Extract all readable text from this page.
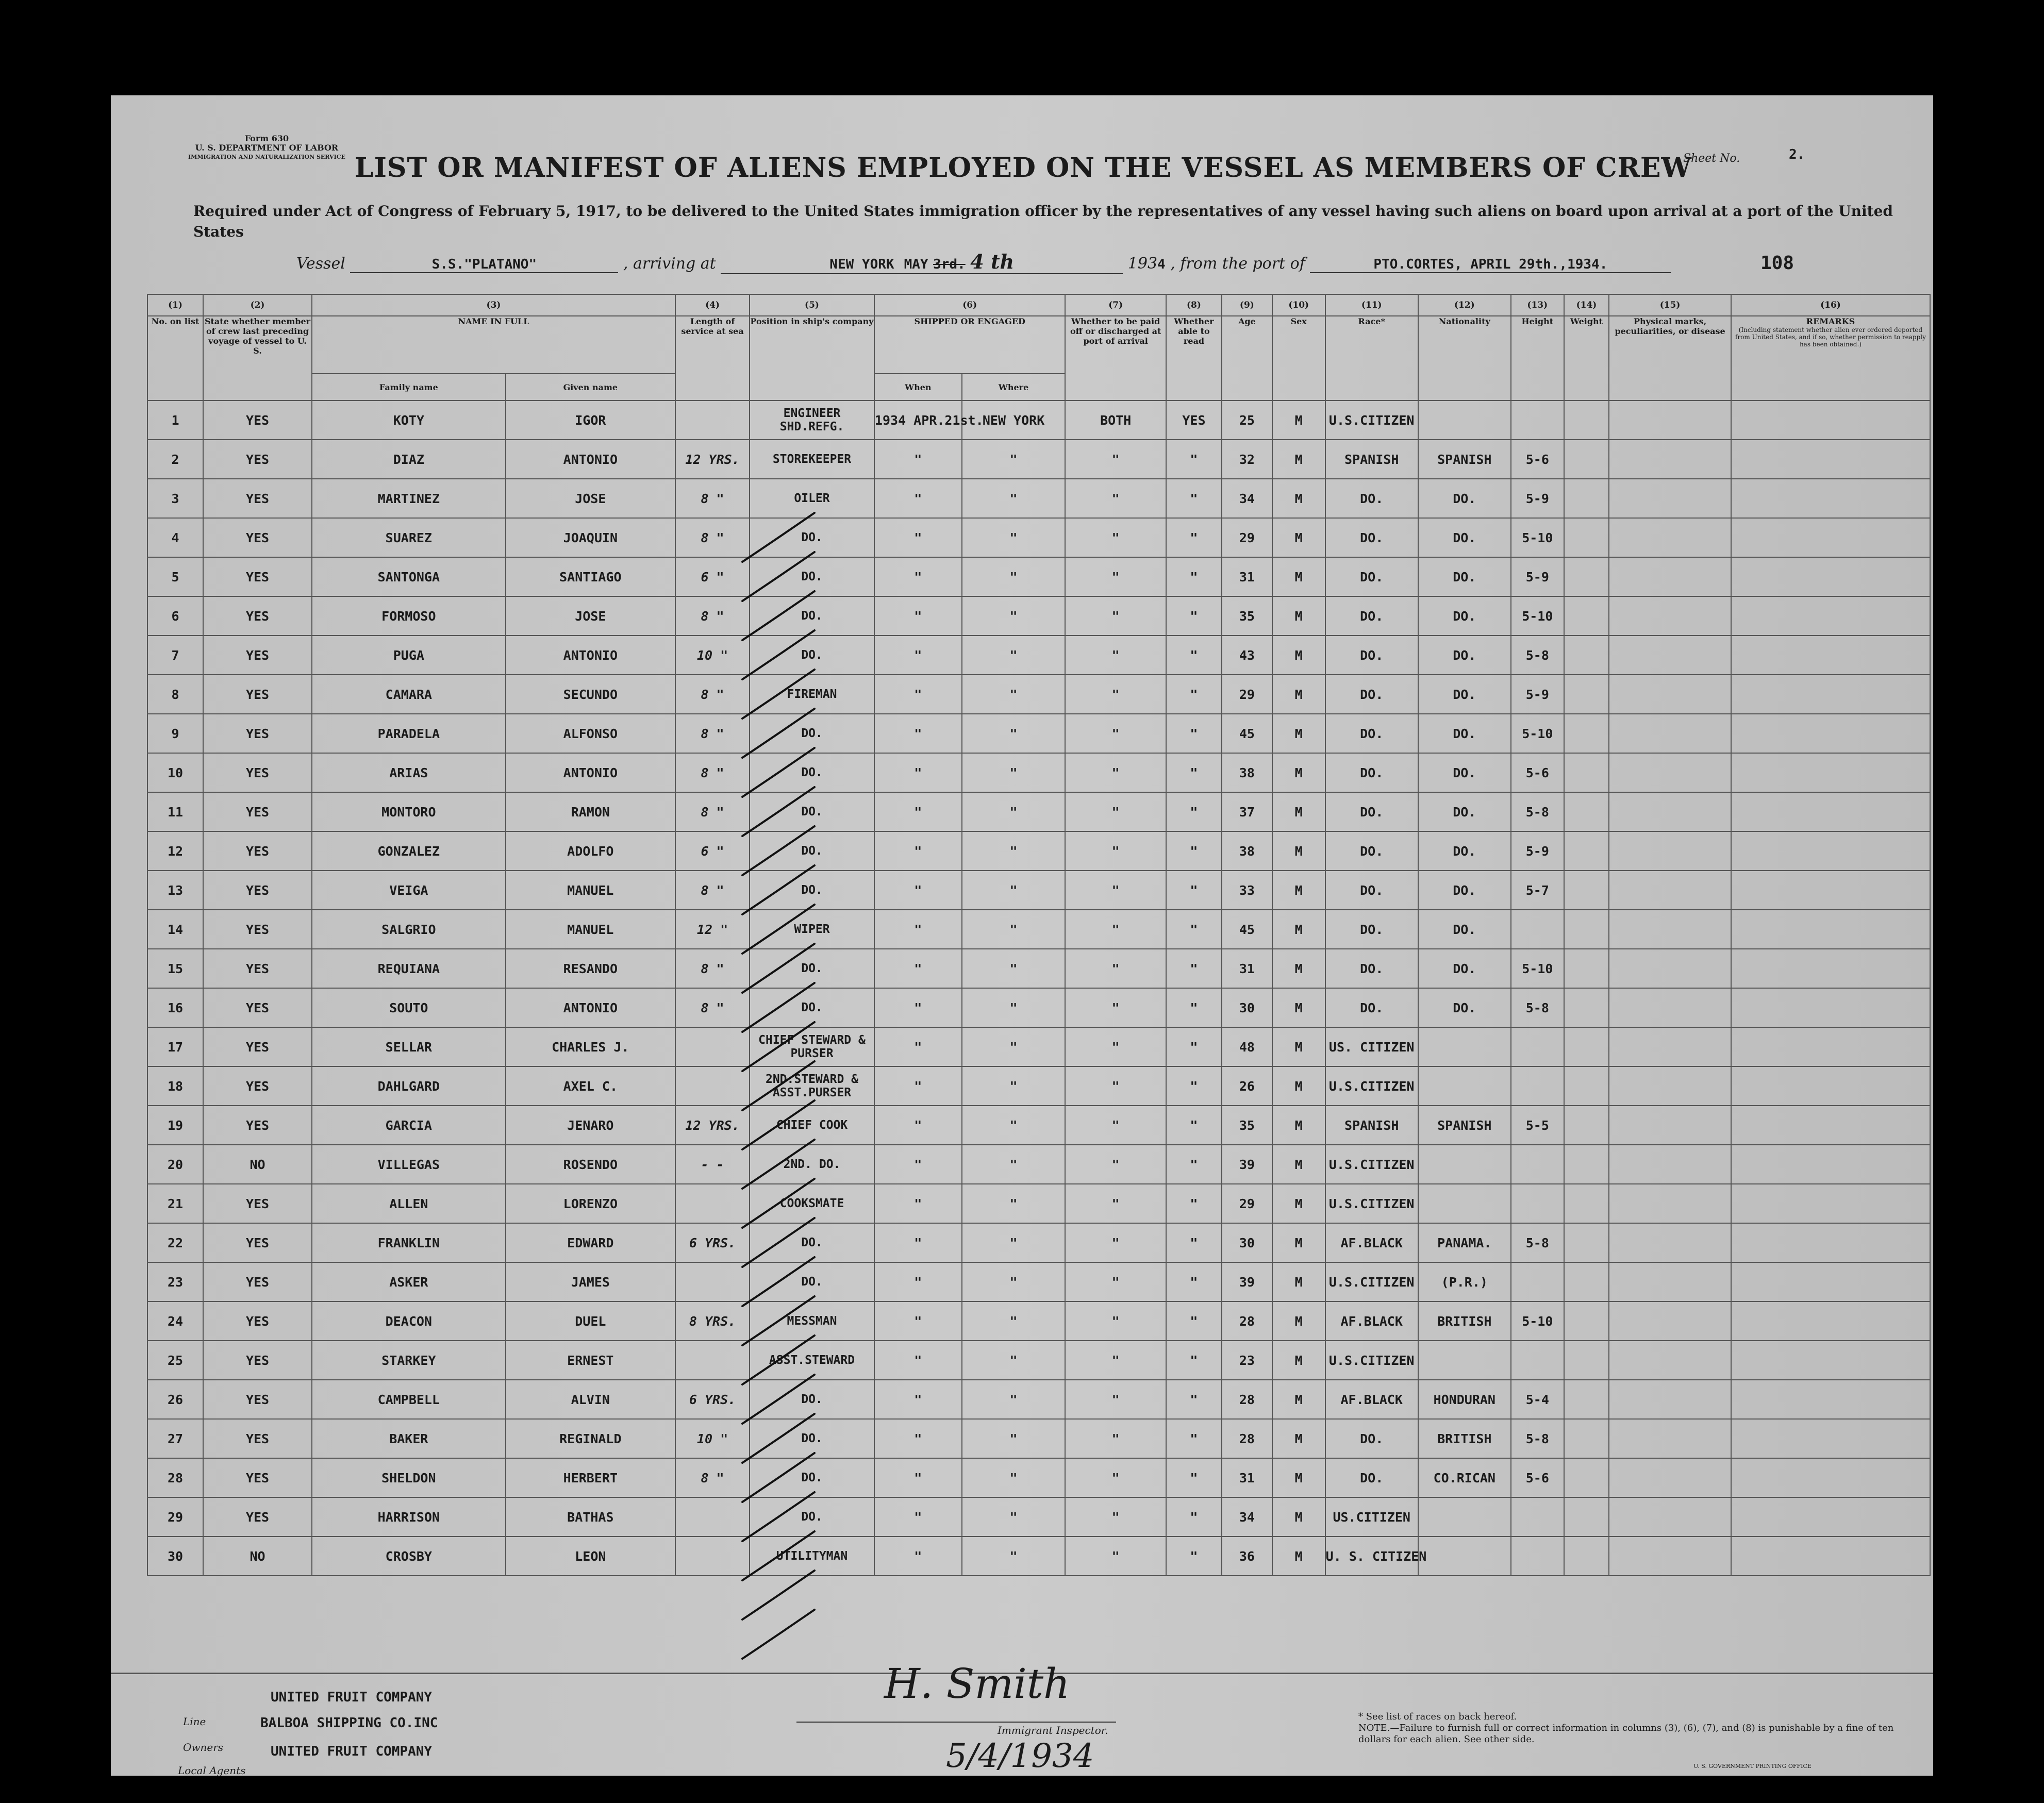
Form 630
U. S. DEPARTMENT OF LABOR
IMMIGRATION AND NATURALIZATION SERVICE	Sheet No.	2.
LIST OR MANIFEST OF ALIENS EMPLOYED ON THE VESSEL AS MEMBERS OF CREW
Required under Act of Congress of February 5, 1917, to be delivered to the United States immigration officer by the representatives of any vessel having such aliens on board upon arrival at a port of the United States
Vessel	S.S."PLATANO"	, arriving at	NEW YORK MAY 3rd. 4 th	1934 , from the port of	PTO.CORTES, APRIL 29th.,1934.	108
(1)	(2)	(3)		(4)	(5)	(6)		(7)	(8)	(9)	(10)	(11)	(12)	(13)	(14)	(15)	(16)
No. on list	State whether member of crew last preceding voyage of vessel to U. S.	NAME IN FULL		Length of service at sea	Position in ship's company	SHIPPED OR ENGAGED		Whether to be paid off or discharged at port of arrival	Whether able to read	Age	Sex	Race*	Nationality	Height	Weight	Physical marks, peculiarities, or disease	REMARKS
(Including statement whether alien ever ordered deported from United States, and if so, whether permission to reapply has been obtained.)

		Family name	Given name			When	Where										
1	YES	KOTY	IGOR		ENGINEER SHD.REFG.	1934 APR.21st.	NEW YORK	BOTH	YES	25	M	U.S.CITIZEN					
2	YES	DIAZ	ANTONIO	12 YRS.	STOREKEEPER	"	"	"	"	32	M	SPANISH	SPANISH	5-6			
3	YES	MARTINEZ	JOSE	8 "	OILER	"	"	"	"	34	M	DO.	DO.	5-9			
4	YES	SUAREZ	JOAQUIN	8 "	DO.	"	"	"	"	29	M	DO.	DO.	5-10			
5	YES	SANTONGA	SANTIAGO	6 "	DO.	"	"	"	"	31	M	DO.	DO.	5-9			
6	YES	FORMOSO	JOSE	8 "	DO.	"	"	"	"	35	M	DO.	DO.	5-10			
7	YES	PUGA	ANTONIO	10 "	DO.	"	"	"	"	43	M	DO.	DO.	5-8			
8	YES	CAMARA	SECUNDO	8 "	FIREMAN	"	"	"	"	29	M	DO.	DO.	5-9			
9	YES	PARADELA	ALFONSO	8 "	DO.	"	"	"	"	45	M	DO.	DO.	5-10			
10	YES	ARIAS	ANTONIO	8 "	DO.	"	"	"	"	38	M	DO.	DO.	5-6			
11	YES	MONTORO	RAMON	8 "	DO.	"	"	"	"	37	M	DO.	DO.	5-8			
12	YES	GONZALEZ	ADOLFO	6 "	DO.	"	"	"	"	38	M	DO.	DO.	5-9			
13	YES	VEIGA	MANUEL	8 "	DO.	"	"	"	"	33	M	DO.	DO.	5-7			
14	YES	SALGRIO	MANUEL	12 "	WIPER	"	"	"	"	45	M	DO.	DO.				
15	YES	REQUIANA	RESANDO	8 "	DO.	"	"	"	"	31	M	DO.	DO.	5-10			
16	YES	SOUTO	ANTONIO	8 "	DO.	"	"	"	"	30	M	DO.	DO.	5-8			
17	YES	SELLAR	CHARLES J.		CHIEF STEWARD & PURSER	"	"	"	"	48	M	US. CITIZEN					
18	YES	DAHLGARD	AXEL C.		2ND.STEWARD & ASST.PURSER	"	"	"	"	26	M	U.S.CITIZEN					
19	YES	GARCIA	JENARO	12 YRS.	CHIEF COOK	"	"	"	"	35	M	SPANISH	SPANISH	5-5			
20	NO	VILLEGAS	ROSENDO	- -	2ND. DO.	"	"	"	"	39	M	U.S.CITIZEN					
21	YES	ALLEN	LORENZO		COOKSMATE	"	"	"	"	29	M	U.S.CITIZEN					
22	YES	FRANKLIN	EDWARD	6 YRS.	DO.	"	"	"	"	30	M	AF.BLACK	PANAMA.	5-8			
23	YES	ASKER	JAMES		DO.	"	"	"	"	39	M	U.S.CITIZEN	(P.R.)				
24	YES	DEACON	DUEL	8 YRS.	MESSMAN	"	"	"	"	28	M	AF.BLACK	BRITISH	5-10			
25	YES	STARKEY	ERNEST		ASST.STEWARD	"	"	"	"	23	M	U.S.CITIZEN					
26	YES	CAMPBELL	ALVIN	6 YRS.	DO.	"	"	"	"	28	M	AF.BLACK	HONDURAN	5-4			
27	YES	BAKER	REGINALD	10 "	DO.	"	"	"	"	28	M	DO.	BRITISH	5-8			
28	YES	SHELDON	HERBERT	8 "	DO.	"	"	"	"	31	M	DO.	CO.RICAN	5-6			
29	YES	HARRISON	BATHAS		DO.	"	"	"	"	34	M	US.CITIZEN					
30	NO	CROSBY	LEON		UTILITYMAN	"	"	"	"	36	M	U. S. CITIZEN					
UNITED FRUIT COMPANY
Line	BALBOA SHIPPING CO.INC
Owners	UNITED FRUIT COMPANY
Local Agents
H. Smith
Immigrant Inspector.
5/4/1934
* See list of races on back hereof.
NOTE.—Failure to furnish full or correct information in columns (3), (6), (7), and (8) is punishable by a fine of ten dollars for each alien. See other side.
U. S. GOVERNMENT PRINTING OFFICE
